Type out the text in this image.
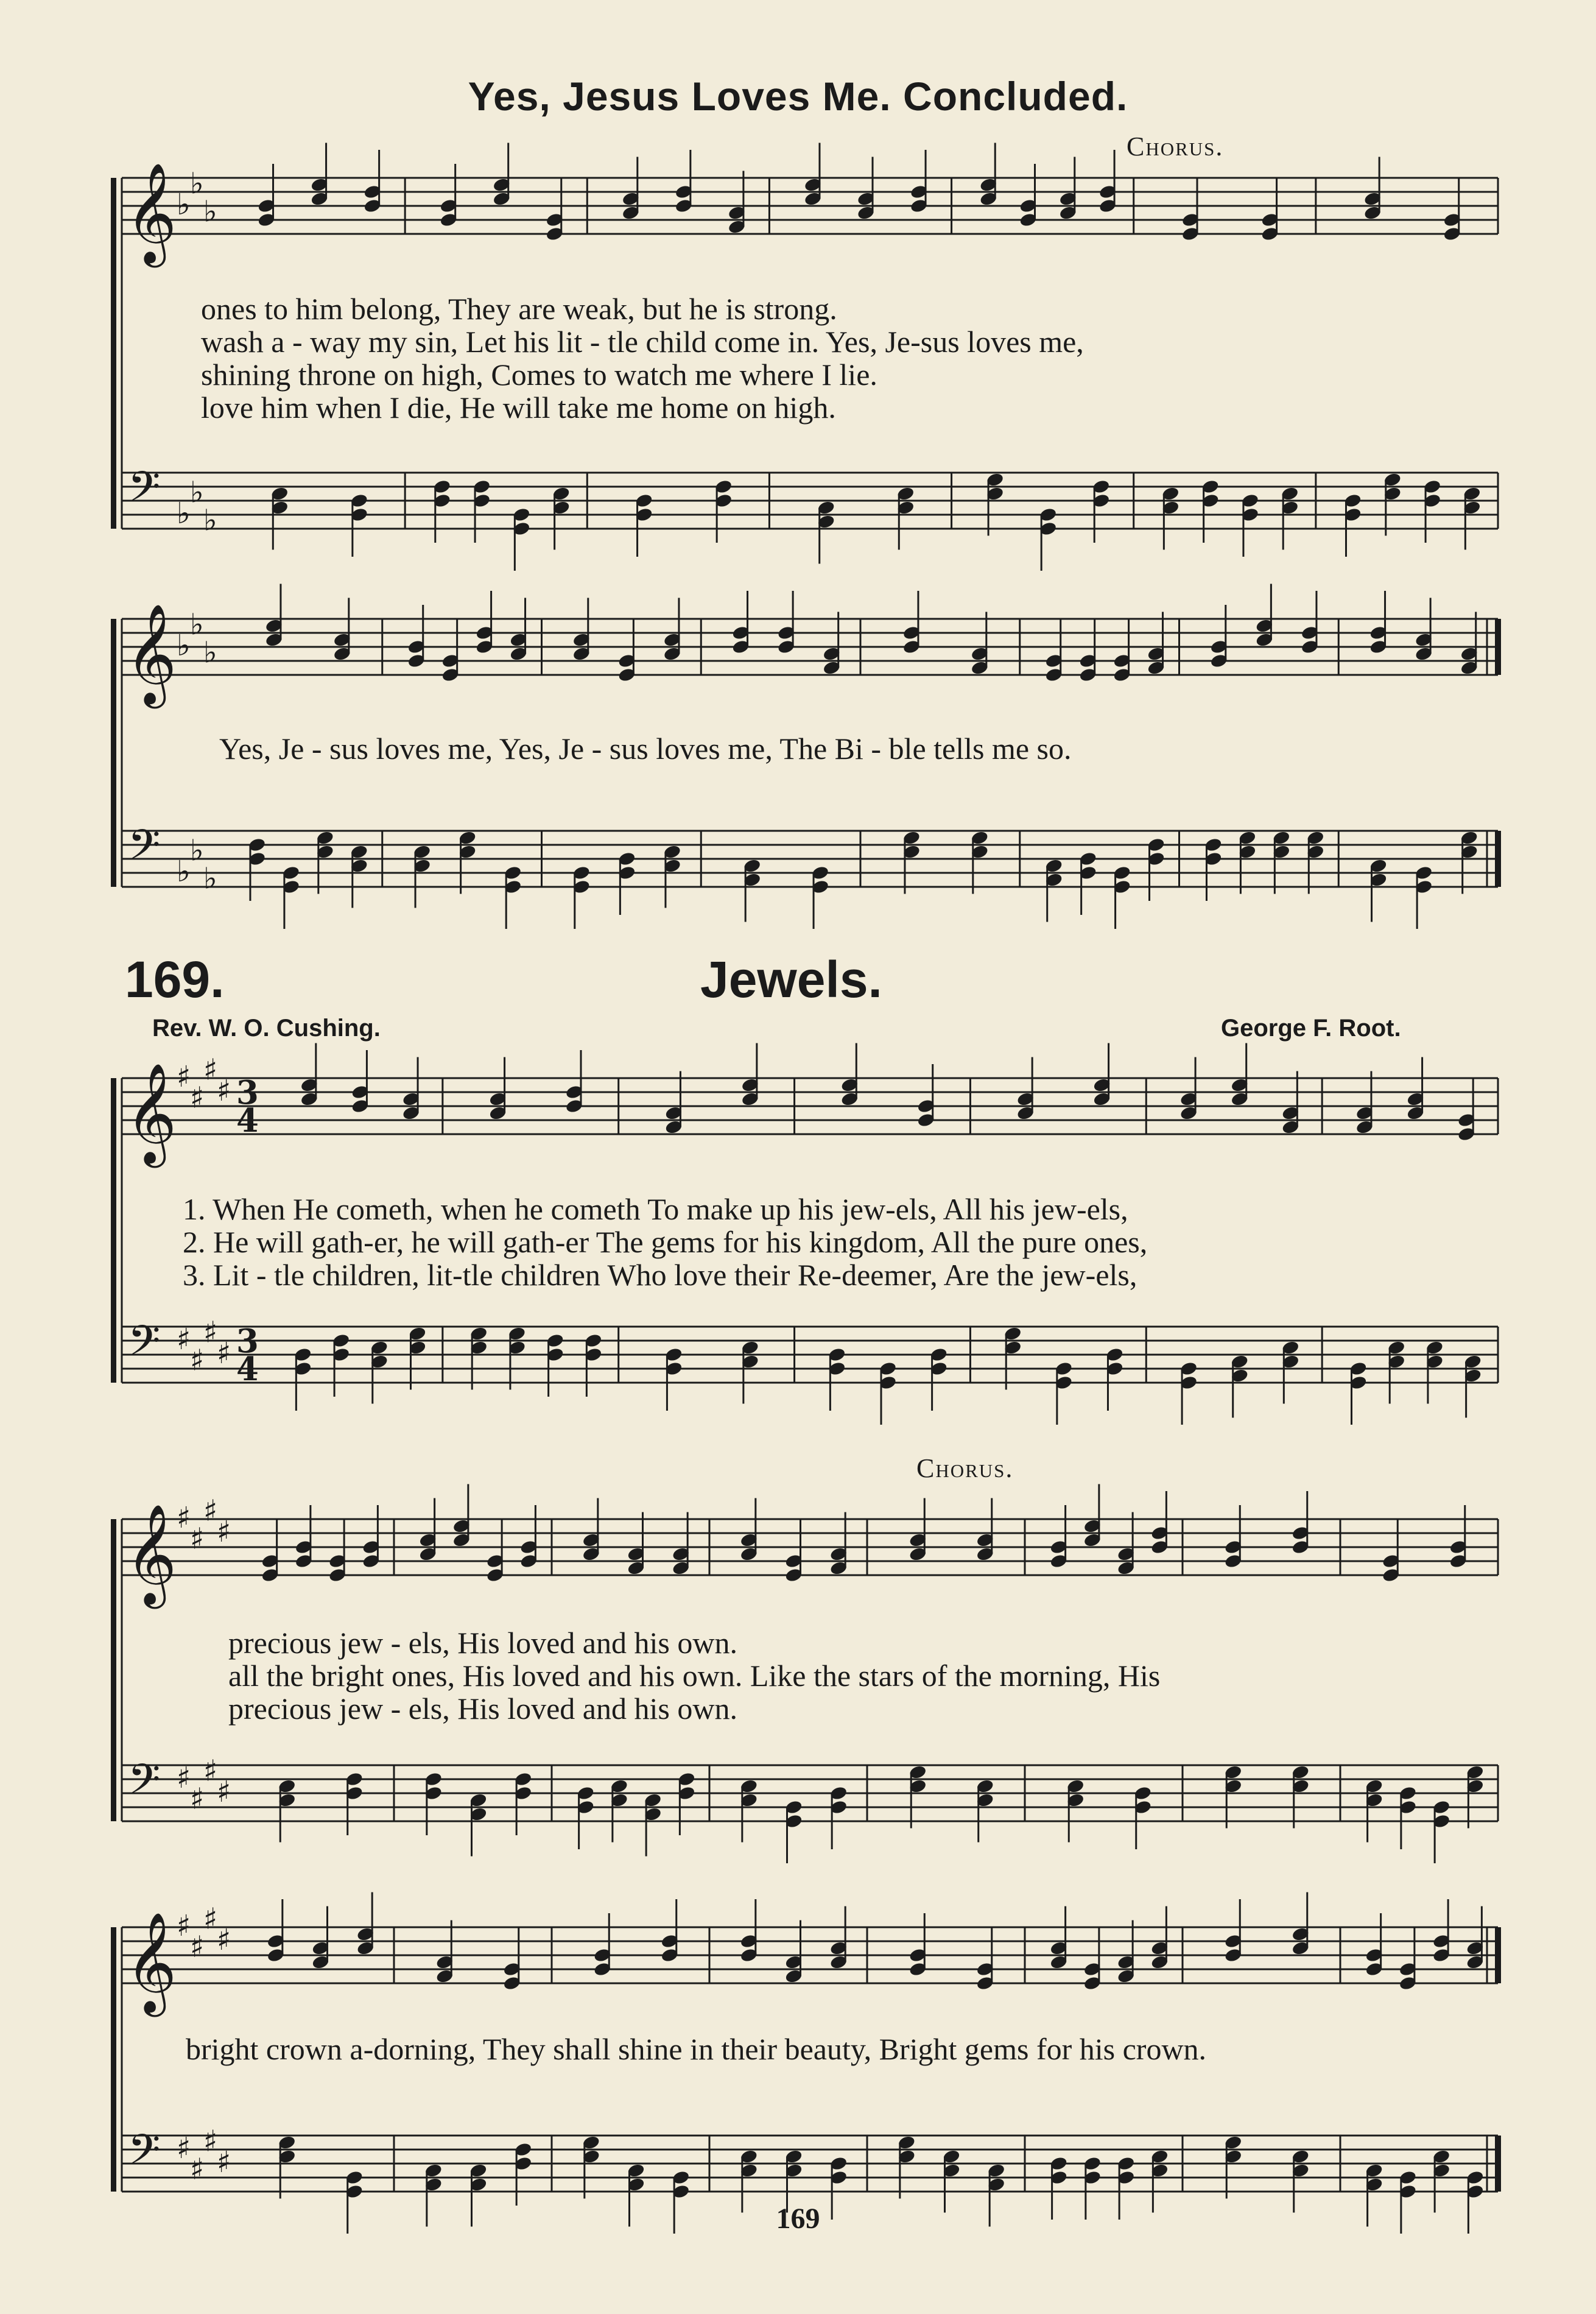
Yes, Jesus Loves Me. Concluded.
𝄞
𝄢
♭
♭
♭
♭
♭
♭
𝄞
𝄢
♭
♭
♭
♭
♭
♭
𝄞
𝄢
♯
♯
♯
♯
♯
♯
♯
♯
3
4
3
4
𝄞
𝄢
♯
♯
♯
♯
♯
♯
♯
♯
𝄞
𝄢
♯
♯
♯
♯
♯
♯
♯
♯
Chorus.
ones to him belong, They are weak, but he is strong.
wash a - way my sin, Let his lit - tle child come in. Yes, Je-sus loves me,
shining throne on high, Comes to watch me where I lie.
love him when I die, He will take me home on high.
Yes, Je - sus loves me, Yes, Je - sus loves me, The Bi - ble tells me so.
169.	Jewels.
Rev. W. O. Cushing.	George F. Root.
1. When He cometh, when he cometh To make up his jew-els, All his jew-els,
2. He will gath-er, he will gath-er The gems for his kingdom, All the pure ones,
3. Lit - tle children, lit-tle children Who love their Re-deemer, Are the jew-els,
Chorus.
precious jew - els, His loved and his own.
all the bright ones, His loved and his own. Like the stars of the morning, His
precious jew - els, His loved and his own.
bright crown a-dorning, They shall shine in their beauty, Bright gems for his crown.
169
